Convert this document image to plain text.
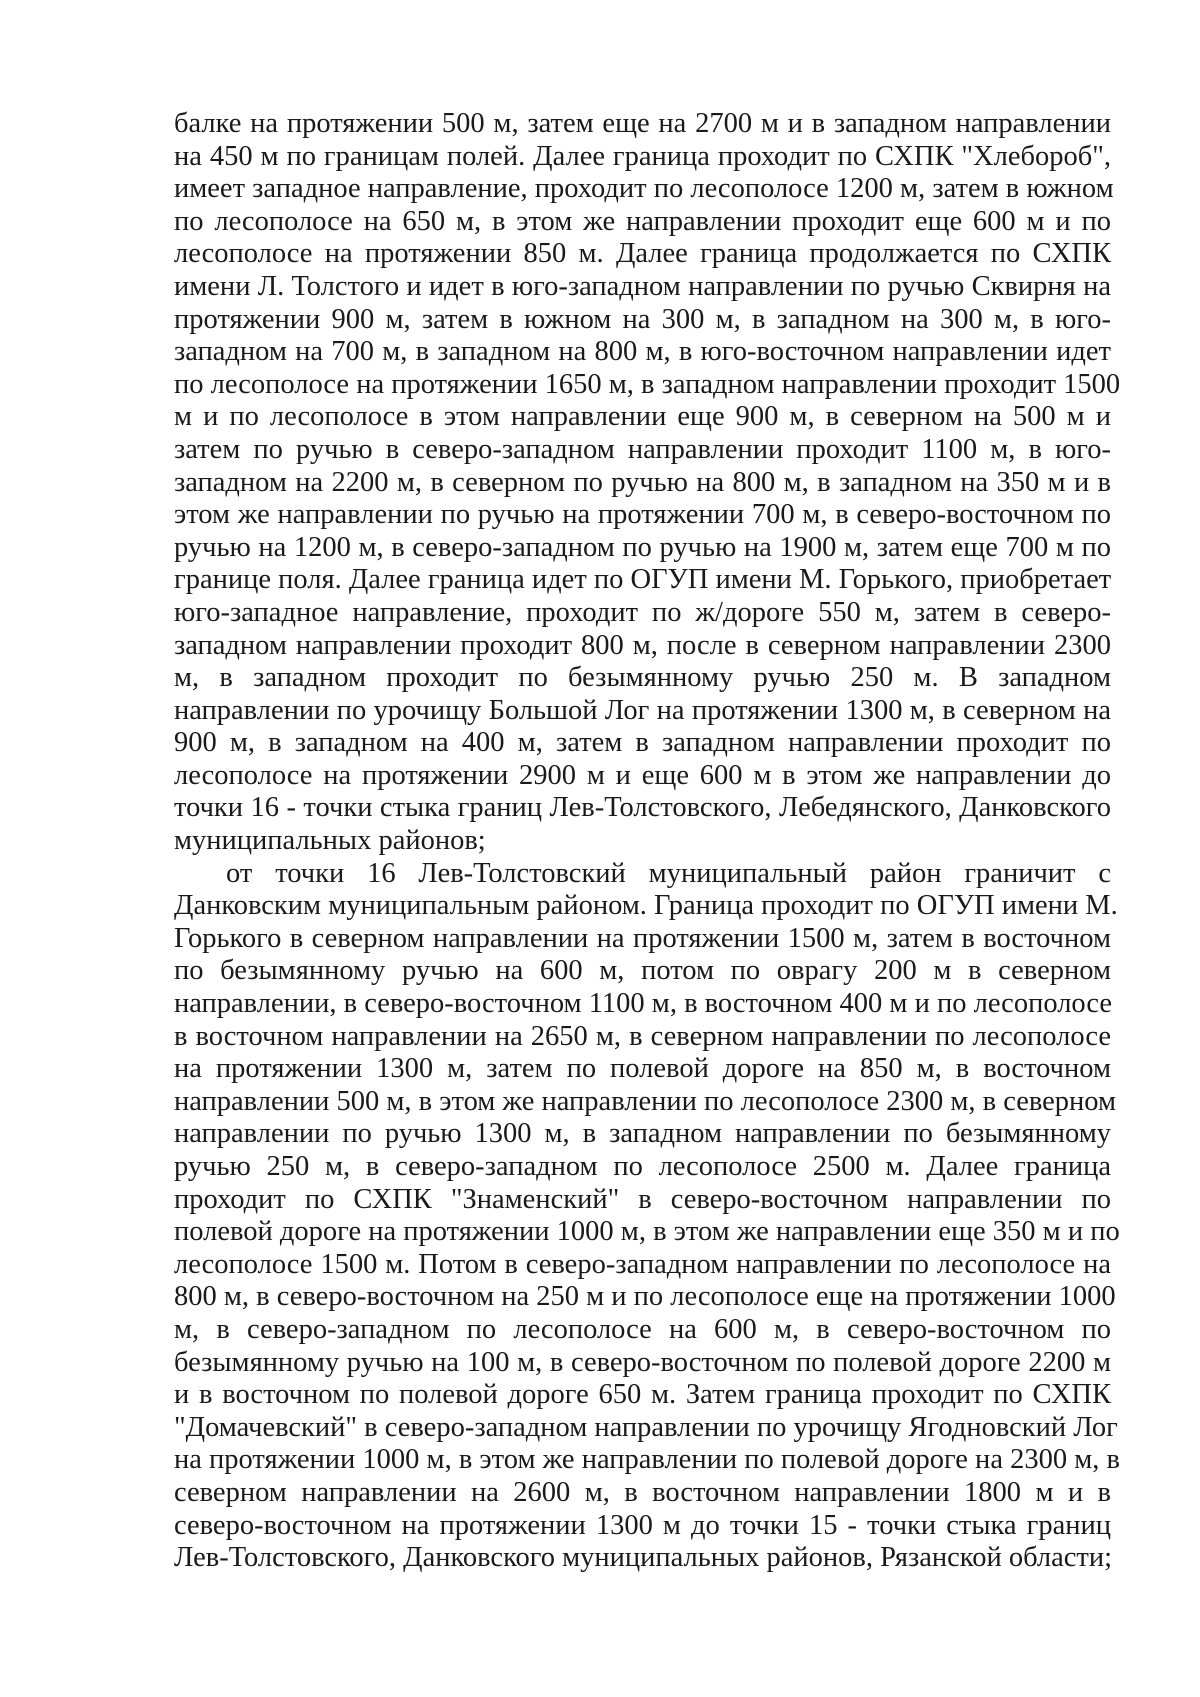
балке на протяжении 500 м, затем еще на 2700 м и в западном направлении
на 450 м по границам полей. Далее граница проходит по СХПК "Хлебороб",
имеет западное направление, проходит по лесополосе 1200 м, затем в южном
по лесополосе на 650 м, в этом же направлении проходит еще 600 м и по
лесополосе на протяжении 850 м. Далее граница продолжается по СХПК
имени Л. Толстого и идет в юго-западном направлении по ручью Сквирня на
протяжении 900 м, затем в южном на 300 м, в западном на 300 м, в юго-
западном на 700 м, в западном на 800 м, в юго-восточном направлении идет
по лесополосе на протяжении 1650 м, в западном направлении проходит 1500
м и по лесополосе в этом направлении еще 900 м, в северном на 500 м и
затем по ручью в северо-западном направлении проходит 1100 м, в юго-
западном на 2200 м, в северном по ручью на 800 м, в западном на 350 м и в
этом же направлении по ручью на протяжении 700 м, в северо-восточном по
ручью на 1200 м, в северо-западном по ручью на 1900 м, затем еще 700 м по
границе поля. Далее граница идет по ОГУП имени М. Горького, приобретает
юго-западное направление, проходит по ж/дороге 550 м, затем в северо-
западном направлении проходит 800 м, после в северном направлении 2300
м, в западном проходит по безымянному ручью 250 м. В западном
направлении по урочищу Большой Лог на протяжении 1300 м, в северном на
900 м, в западном на 400 м, затем в западном направлении проходит по
лесополосе на протяжении 2900 м и еще 600 м в этом же направлении до
точки 16 - точки стыка границ Лев-Толстовского, Лебедянского, Данковского
муниципальных районов;
от точки 16 Лев-Толстовский муниципальный район граничит с
Данковским муниципальным районом. Граница проходит по ОГУП имени М.
Горького в северном направлении на протяжении 1500 м, затем в восточном
по безымянному ручью на 600 м, потом по оврагу 200 м в северном
направлении, в северо-восточном 1100 м, в восточном 400 м и по лесополосе
в восточном направлении на 2650 м, в северном направлении по лесополосе
на протяжении 1300 м, затем по полевой дороге на 850 м, в восточном
направлении 500 м, в этом же направлении по лесополосе 2300 м, в северном
направлении по ручью 1300 м, в западном направлении по безымянному
ручью 250 м, в северо-западном по лесополосе 2500 м. Далее граница
проходит по СХПК "Знаменский" в северо-восточном направлении по
полевой дороге на протяжении 1000 м, в этом же направлении еще 350 м и по
лесополосе 1500 м. Потом в северо-западном направлении по лесополосе на
800 м, в северо-восточном на 250 м и по лесополосе еще на протяжении 1000
м, в северо-западном по лесополосе на 600 м, в северо-восточном по
безымянному ручью на 100 м, в северо-восточном по полевой дороге 2200 м
и в восточном по полевой дороге 650 м. Затем граница проходит по СХПК
"Домачевский" в северо-западном направлении по урочищу Ягодновский Лог
на протяжении 1000 м, в этом же направлении по полевой дороге на 2300 м, в
северном направлении на 2600 м, в восточном направлении 1800 м и в
северо-восточном на протяжении 1300 м до точки 15 - точки стыка границ
Лев-Толстовского, Данковского муниципальных районов, Рязанской области;
